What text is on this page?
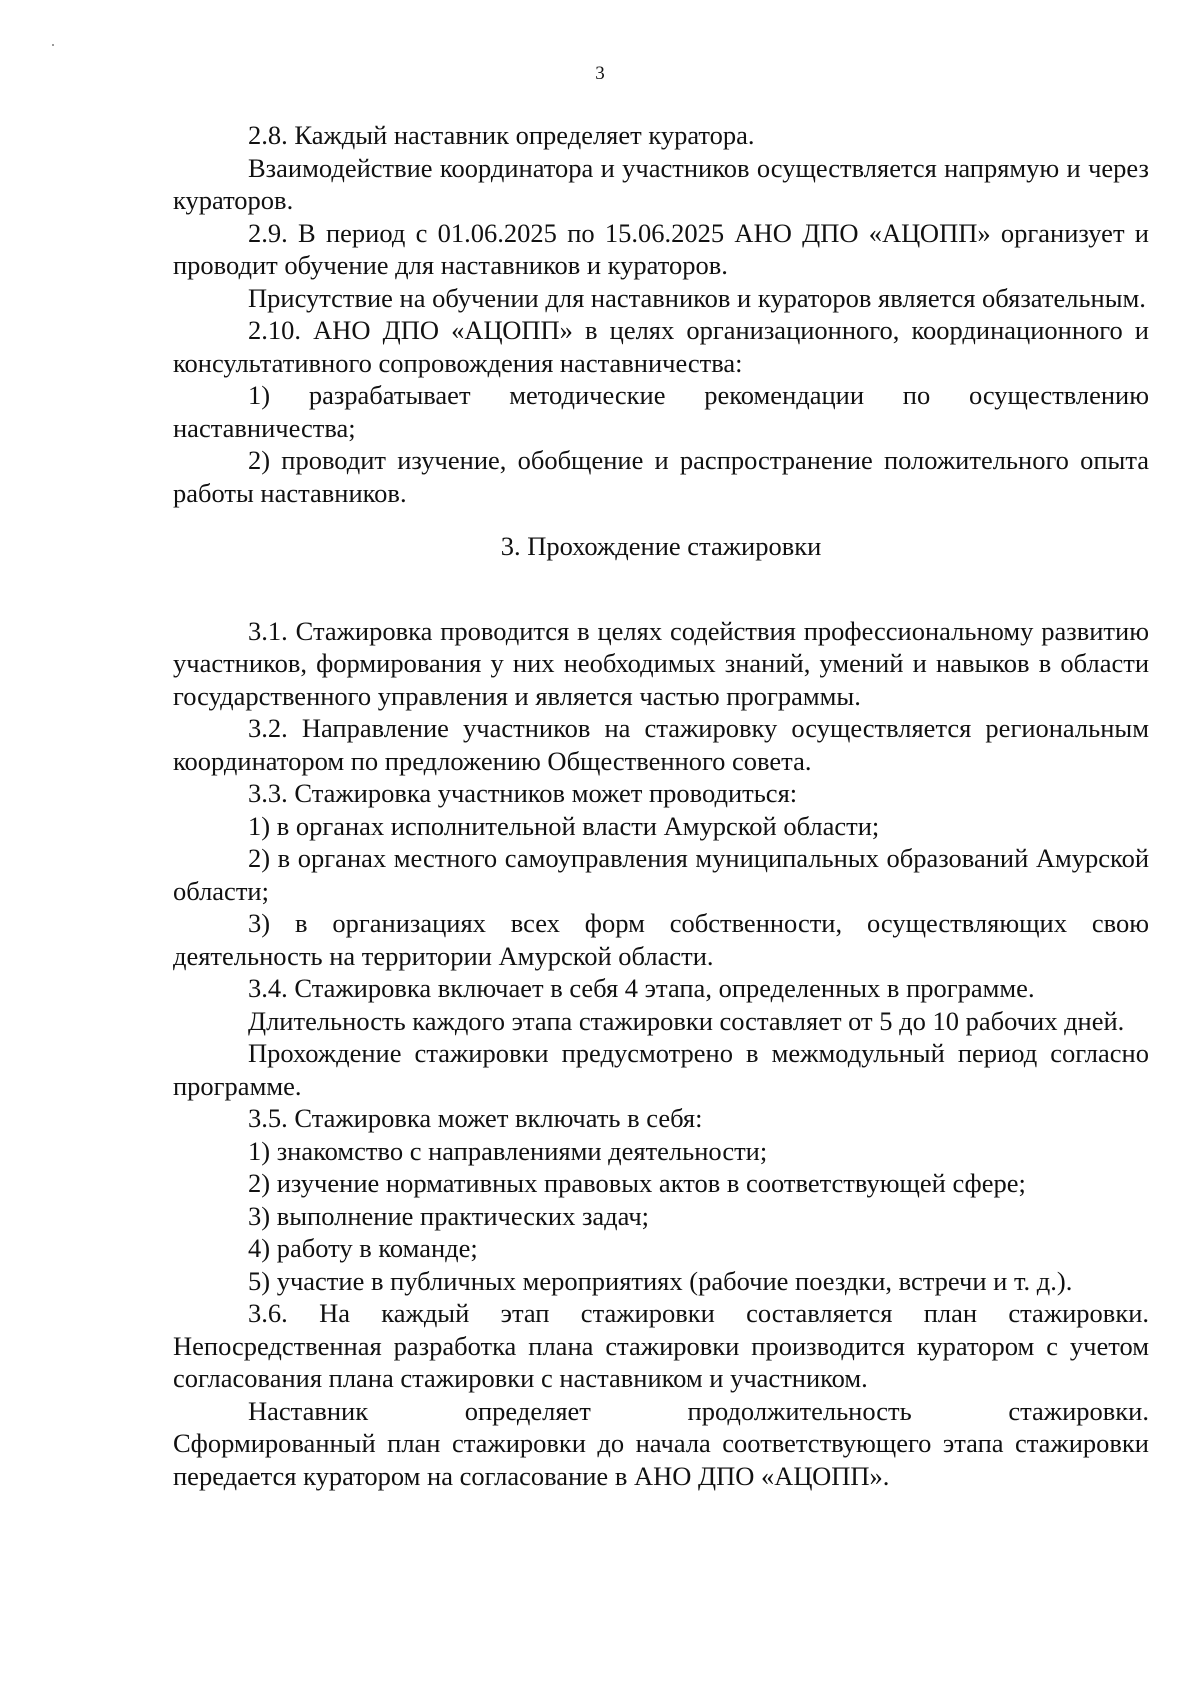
3

2.8. Каждый наставник определяет куратора.

Взаимодействие координатора и участников осуществляется напрямую и через кураторов.

2.9. В период с 01.06.2025 по 15.06.2025 АНО ДПО «АЦОПП» организует и проводит обучение для наставников и кураторов.

Присутствие на обучении для наставников и кураторов является обязательным.

2.10. АНО ДПО «АЦОПП» в целях организационного, координационного и консультативного сопровождения наставничества:

1) разрабатывает методические рекомендации по осуществлению наставничества;

2) проводит изучение, обобщение и распространение положительного опыта работы наставников.

3. Прохождение стажировки

3.1. Стажировка проводится в целях содействия профессиональному развитию участников, формирования у них необходимых знаний, умений и навыков в области государственного управления и является частью программы.

3.2. Направление участников на стажировку осуществляется региональным координатором по предложению Общественного совета.

3.3. Стажировка участников может проводиться:

1) в органах исполнительной власти Амурской области;

2) в органах местного самоуправления муниципальных образований Амурской области;

3) в организациях всех форм собственности, осуществляющих свою деятельность на территории Амурской области.

3.4. Стажировка включает в себя 4 этапа, определенных в программе.

Длительность каждого этапа стажировки составляет от 5 до 10 рабочих дней.

Прохождение стажировки предусмотрено в межмодульный период согласно программе.

3.5. Стажировка может включать в себя:

1) знакомство с направлениями деятельности;

2) изучение нормативных правовых актов в соответствующей сфере;

3) выполнение практических задач;

4) работу в команде;

5) участие в публичных мероприятиях (рабочие поездки, встречи и т. д.).

3.6. На каждый этап стажировки составляется план стажировки. Непосредственная разработка плана стажировки производится куратором с учетом согласования плана стажировки с наставником и участником.

Наставник определяет продолжительность стажировки.

Сформированный план стажировки до начала соответствующего этапа стажировки передается куратором на согласование в АНО ДПО «АЦОПП».
